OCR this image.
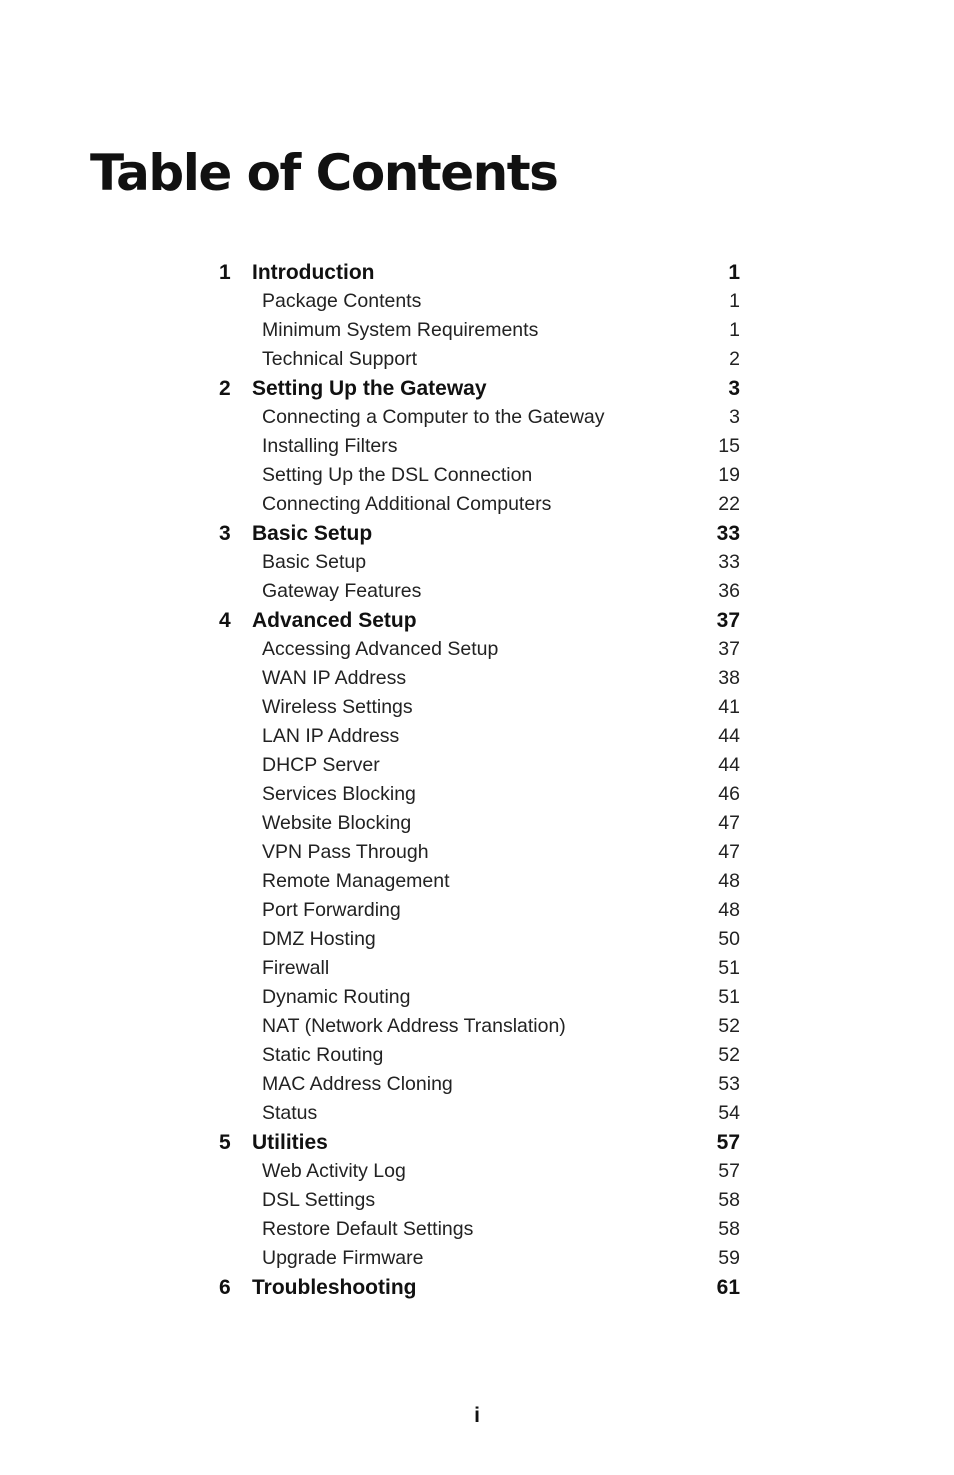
Table of Contents
1 Introduction	1
Package Contents	1
Minimum System Requirements	1
Technical Support	2
2 Setting Up the Gateway	3
Connecting a Computer to the Gateway	3
Installing Filters	15
Setting Up the DSL Connection	19
Connecting Additional Computers	22
3 Basic Setup	33
Basic Setup	33
Gateway Features	36
4 Advanced Setup	37
Accessing Advanced Setup	37
WAN IP Address	38
Wireless Settings	41
LAN IP Address	44
DHCP Server	44
Services Blocking	46
Website Blocking	47
VPN Pass Through	47
Remote Management	48
Port Forwarding	48
DMZ Hosting	50
Firewall	51
Dynamic Routing	51
NAT (Network Address Translation)	52
Static Routing	52
MAC Address Cloning	53
Status	54
5 Utilities	57
Web Activity Log	57
DSL Settings	58
Restore Default Settings	58
Upgrade Firmware	59
6 Troubleshooting	61
i
